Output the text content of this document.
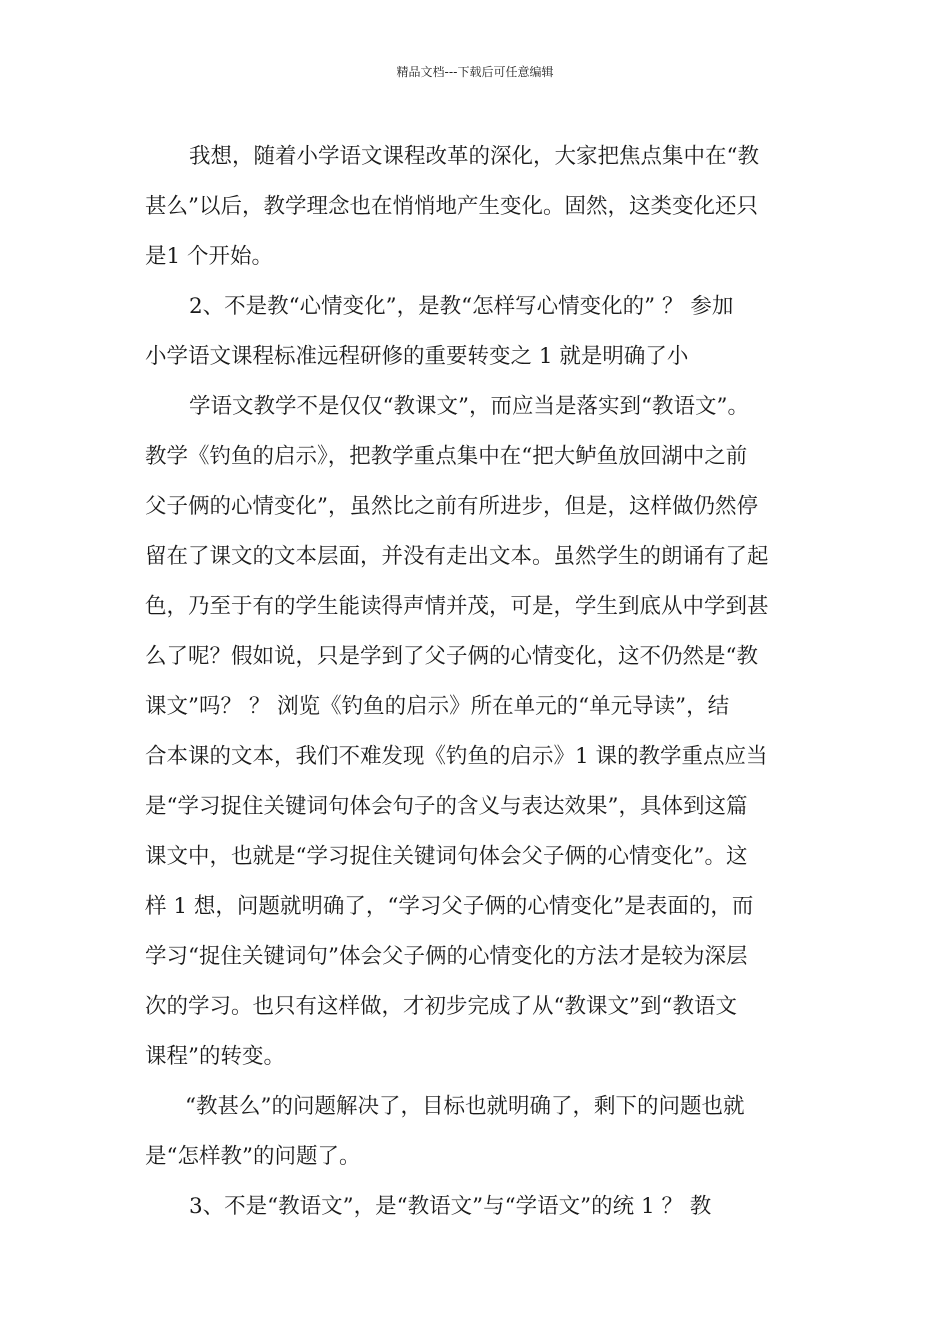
精品文档---下载后可任意编辑
我想，随着小学语文课程改革的深化，大家把焦点集中在“教
甚么”以后，教学理念也在悄悄地产生变化。固然，这类变化还只
是1 个开始。
2、不是教“心情变化”，是教“怎样写心情变化的” ？ 参加
小学语文课程标准远程研修的重要转变之 1 就是明确了小
学语文教学不是仅仅“教课文”，而应当是落实到“教语文”。
教学《钓鱼的启示》，把教学重点集中在“把大鲈鱼放回湖中之前
父子俩的心情变化”，虽然比之前有所进步，但是，这样做仍然停
留在了课文的文本层面，并没有走出文本。虽然学生的朗诵有了起
色，乃至于有的学生能读得声情并茂，可是，学生到底从中学到甚
么了呢？假如说，只是学到了父子俩的心情变化，这不仍然是“教
课文”吗？ ？ 浏览《钓鱼的启示》所在单元的“单元导读”，结
合本课的文本，我们不难发现《钓鱼的启示》1 课的教学重点应当
是“学习捉住关键词句体会句子的含义与表达效果”，具体到这篇
课文中，也就是“学习捉住关键词句体会父子俩的心情变化”。这
样 1 想，问题就明确了，“学习父子俩的心情变化”是表面的，而
学习“捉住关键词句”体会父子俩的心情变化的方法才是较为深层
次的学习。也只有这样做，才初步完成了从“教课文”到“教语文
课程”的转变。
“教甚么”的问题解决了，目标也就明确了，剩下的问题也就
是“怎样教”的问题了。
3、不是“教语文”，是“教语文”与“学语文”的统 1 ？ 教
